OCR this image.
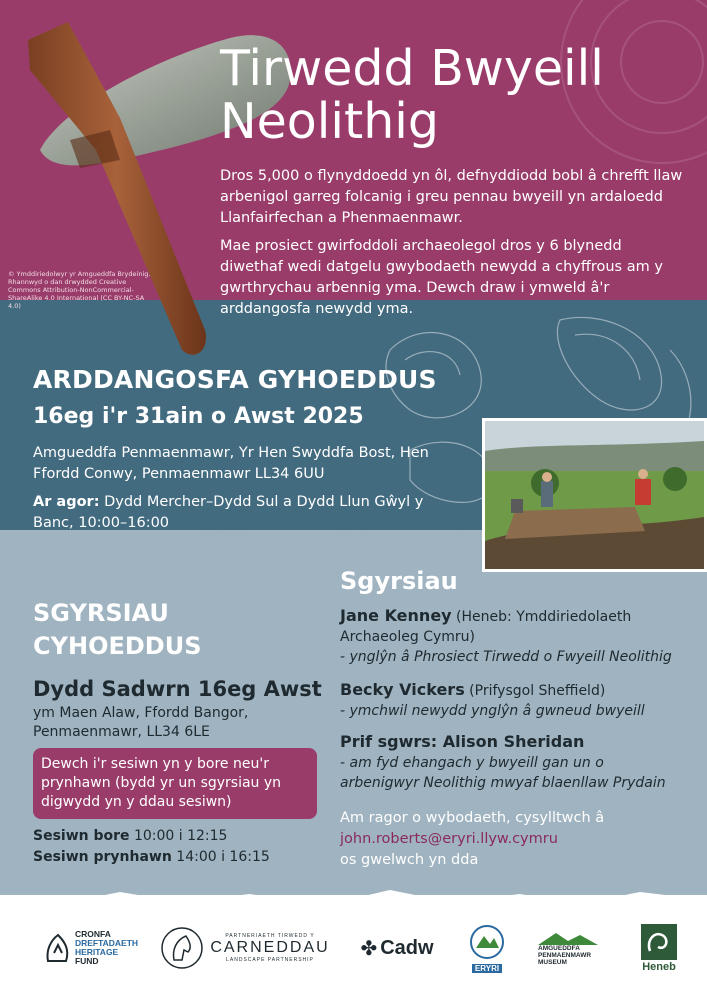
© Ymddiriedolwyr yr Amgueddfa Brydeinig. Rhannwyd o dan drwydded Creative Commons Attribution-NonCommercial-ShareAlike 4.0 International (CC BY-NC-SA 4.0)

Tirwedd Bwyeill
Neolithig

Dros 5,000 o flynyddoedd yn ôl, defnyddiodd bobl â chrefft llaw arbenigol garreg folcanig i greu pennau bwyeill yn ardaloedd Llanfairfechan a Phenmaenmawr.

Mae prosiect gwirfoddoli archaeolegol dros y 6 blynedd diwethaf wedi datgelu gwybodaeth newydd a chyffrous am y gwrthrychau arbennig yma. Dewch draw i ymweld â'r arddangosfa newydd yma.

ARDDANGOSFA GYHOEDDUS
16eg i'r 31ain o Awst 2025

Amgueddfa Penmaenmawr, Yr Hen Swyddfa Bost, Hen Ffordd Conwy, Penmaenmawr LL34 6UU

Ar agor: Dydd Mercher–Dydd Sul a Dydd Llun Gŵyl y Banc, 10:00–16:00

SGYRSIAU
CYHOEDDUS
Dydd Sadwrn 16eg Awst

ym Maen Alaw, Ffordd Bangor, Penmaenmawr, LL34 6LE

Dewch i'r sesiwn yn y bore neu'r prynhawn (bydd yr un sgyrsiau yn digwydd yn y ddau sesiwn)

Sesiwn bore 10:00 i 12:15
Sesiwn prynhawn 14:00 i 16:15

Sgyrsiau

Jane Kenney (Heneb: Ymddiriedolaeth Archaeoleg Cymru)
- ynglŷn â Phrosiect Tirwedd o Fwyeill Neolithig

Becky Vickers (Prifysgol Sheffield)
- ymchwil newydd ynglŷn â gwneud bwyeill

Prif sgwrs: Alison Sheridan
- am fyd ehangach y bwyeill gan un o arbenigwyr Neolithig mwyaf blaenllaw Prydain

Am ragor o wybodaeth, cysylltwch â
john.roberts@eryri.llyw.cymru
os gwelwch yn dda

CRONFA
DREFTADAETH
HERITAGE
FUND
PARTNERIAETH TIRWEDD Y
CARNEDDAU
LANDSCAPE PARTNERSHIP	✤ Cadw
ERYRI
AMGUEDDFA
PENMAENMAWR
MUSEUM	Heneb
